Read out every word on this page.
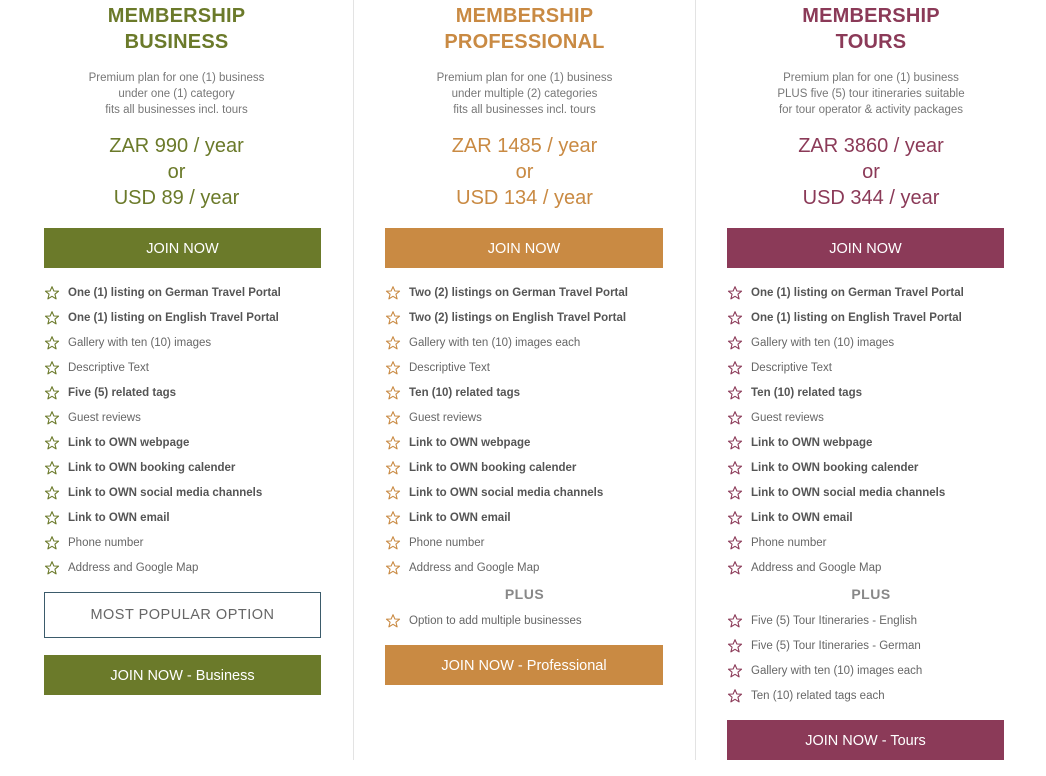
MEMBERSHIP
BUSINESS
Premium plan for one (1) business
under one (1) category
fits all businesses incl. tours
ZAR 990 / year
or
USD 89 / year
JOIN NOW
One (1) listing on German Travel Portal
One (1) listing on English Travel Portal
Gallery with ten (10) images
Descriptive Text
Five (5) related tags
Guest reviews
Link to OWN webpage
Link to OWN booking calender
Link to OWN social media channels
Link to OWN email
Phone number
Address and Google Map
MOST POPULAR OPTION
JOIN NOW - Business
MEMBERSHIP
PROFESSIONAL
Premium plan for one (1) business
under multiple (2) categories
fits all businesses incl. tours
ZAR 1485 / year
or
USD 134 / year
JOIN NOW
Two (2) listings on German Travel Portal
Two (2) listings on English Travel Portal
Gallery with ten (10) images each
Descriptive Text
Ten (10) related tags
Guest reviews
Link to OWN webpage
Link to OWN booking calender
Link to OWN social media channels
Link to OWN email
Phone number
Address and Google Map
PLUS
Option to add multiple businesses
JOIN NOW - Professional
MEMBERSHIP
TOURS
Premium plan for one (1) business
PLUS five (5) tour itineraries suitable
for tour operator & activity packages
ZAR 3860 / year
or
USD 344 / year
JOIN NOW
One (1) listing on German Travel Portal
One (1) listing on English Travel Portal
Gallery with ten (10) images
Descriptive Text
Ten (10) related tags
Guest reviews
Link to OWN webpage
Link to OWN booking calender
Link to OWN social media channels
Link to OWN email
Phone number
Address and Google Map
PLUS
Five (5) Tour Itineraries - English
Five (5) Tour Itineraries - German
Gallery with ten (10) images each
Ten (10) related tags each
JOIN NOW - Tours
